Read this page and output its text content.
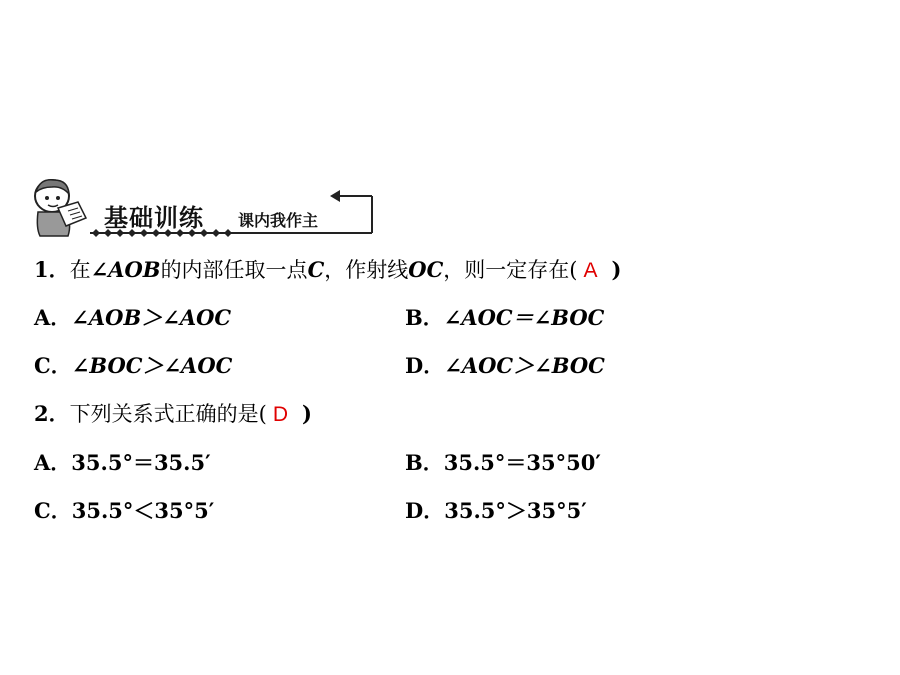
基础训练 课内我作主
1．在∠AOB的内部任取一点C，作射线OC，则一定存在( A )
A．∠AOB＞∠AOC	B．∠AOC＝∠BOC
C．∠BOC＞∠AOC	D．∠AOC＞∠BOC
2．下列关系式正确的是( D )
A．35.5°＝35.5′	B．35.5°＝35°50′
C．35.5°＜35°5′	D．35.5°＞35°5′
